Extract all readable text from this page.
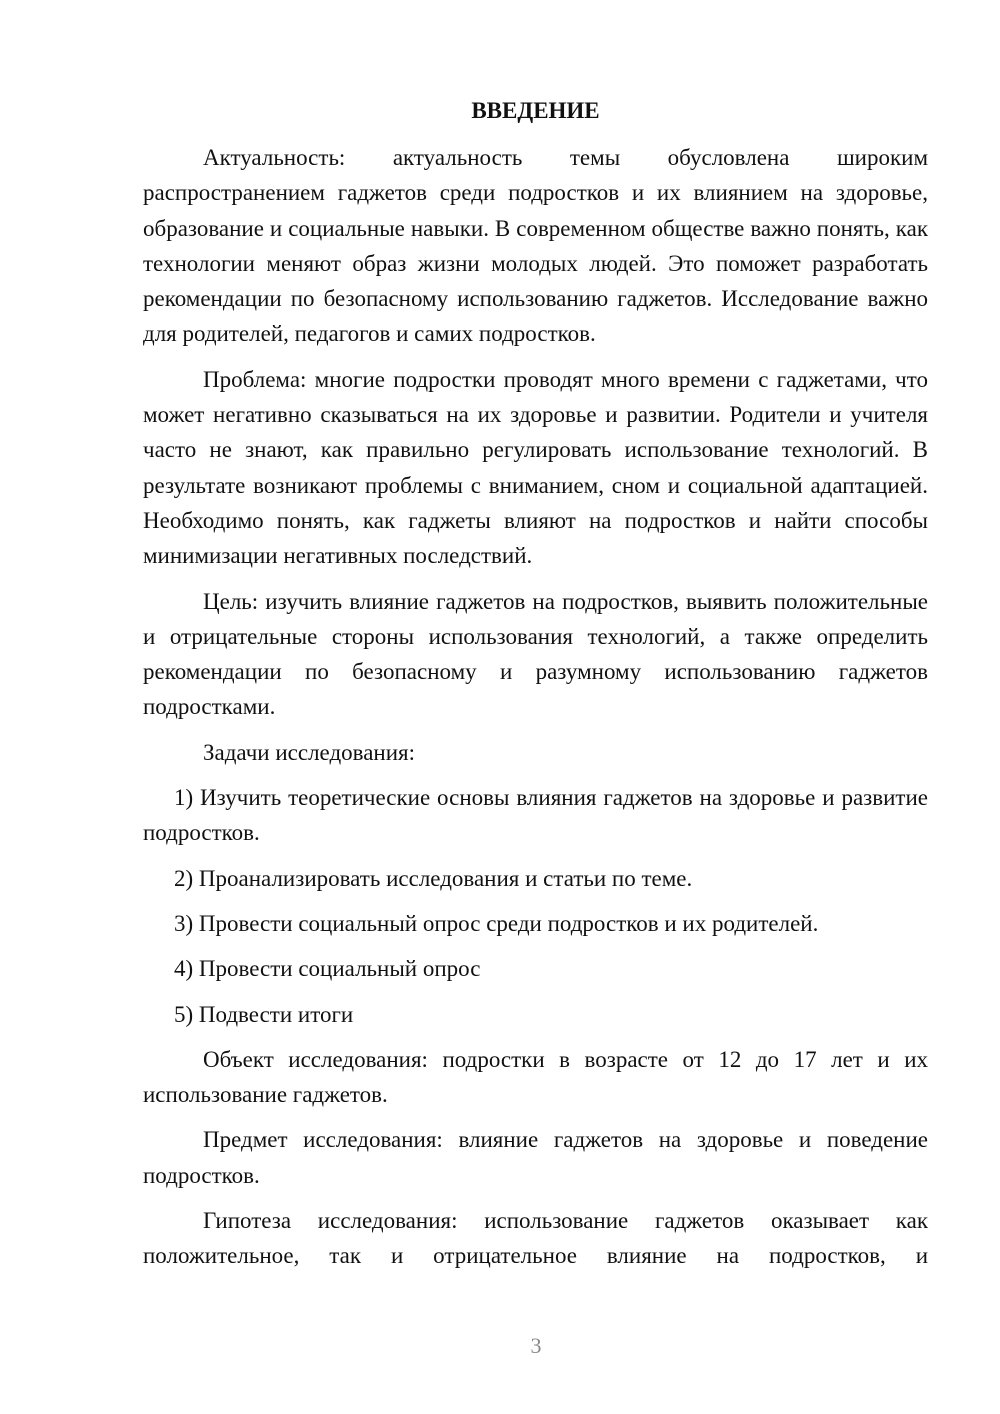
ВВЕДЕНИЕ

Актуальность: актуальность темы обусловлена широким распространением гаджетов среди подростков и их влиянием на здоровье, образование и социальные навыки. В современном обществе важно понять, как технологии меняют образ жизни молодых людей. Это поможет разработать рекомендации по безопасному использованию гаджетов. Исследование важно для родителей, педагогов и самих подростков.

Проблема: многие подростки проводят много времени с гаджетами, что может негативно сказываться на их здоровье и развитии. Родители и учителя часто не знают, как правильно регулировать использование технологий. В результате возникают проблемы с вниманием, сном и социальной адаптацией. Необходимо понять, как гаджеты влияют на подростков и найти способы минимизации негативных последствий.

Цель: изучить влияние гаджетов на подростков, выявить положительные и отрицательные стороны использования технологий, а также определить рекомендации по безопасному и разумному использованию гаджетов подростками.

Задачи исследования:

1) Изучить теоретические основы влияния гаджетов на здоровье и развитие подростков.

2) Проанализировать исследования и статьи по теме.

3) Провести социальный опрос среди подростков и их родителей.

4) Провести социальный опрос

5) Подвести итоги

Объект исследования: подростки в возрасте от 12 до 17 лет и их использование гаджетов.

Предмет исследования: влияние гаджетов на здоровье и поведение подростков.

Гипотеза исследования: использование гаджетов оказывает как положительное, так и отрицательное влияние на подростков, и

3
